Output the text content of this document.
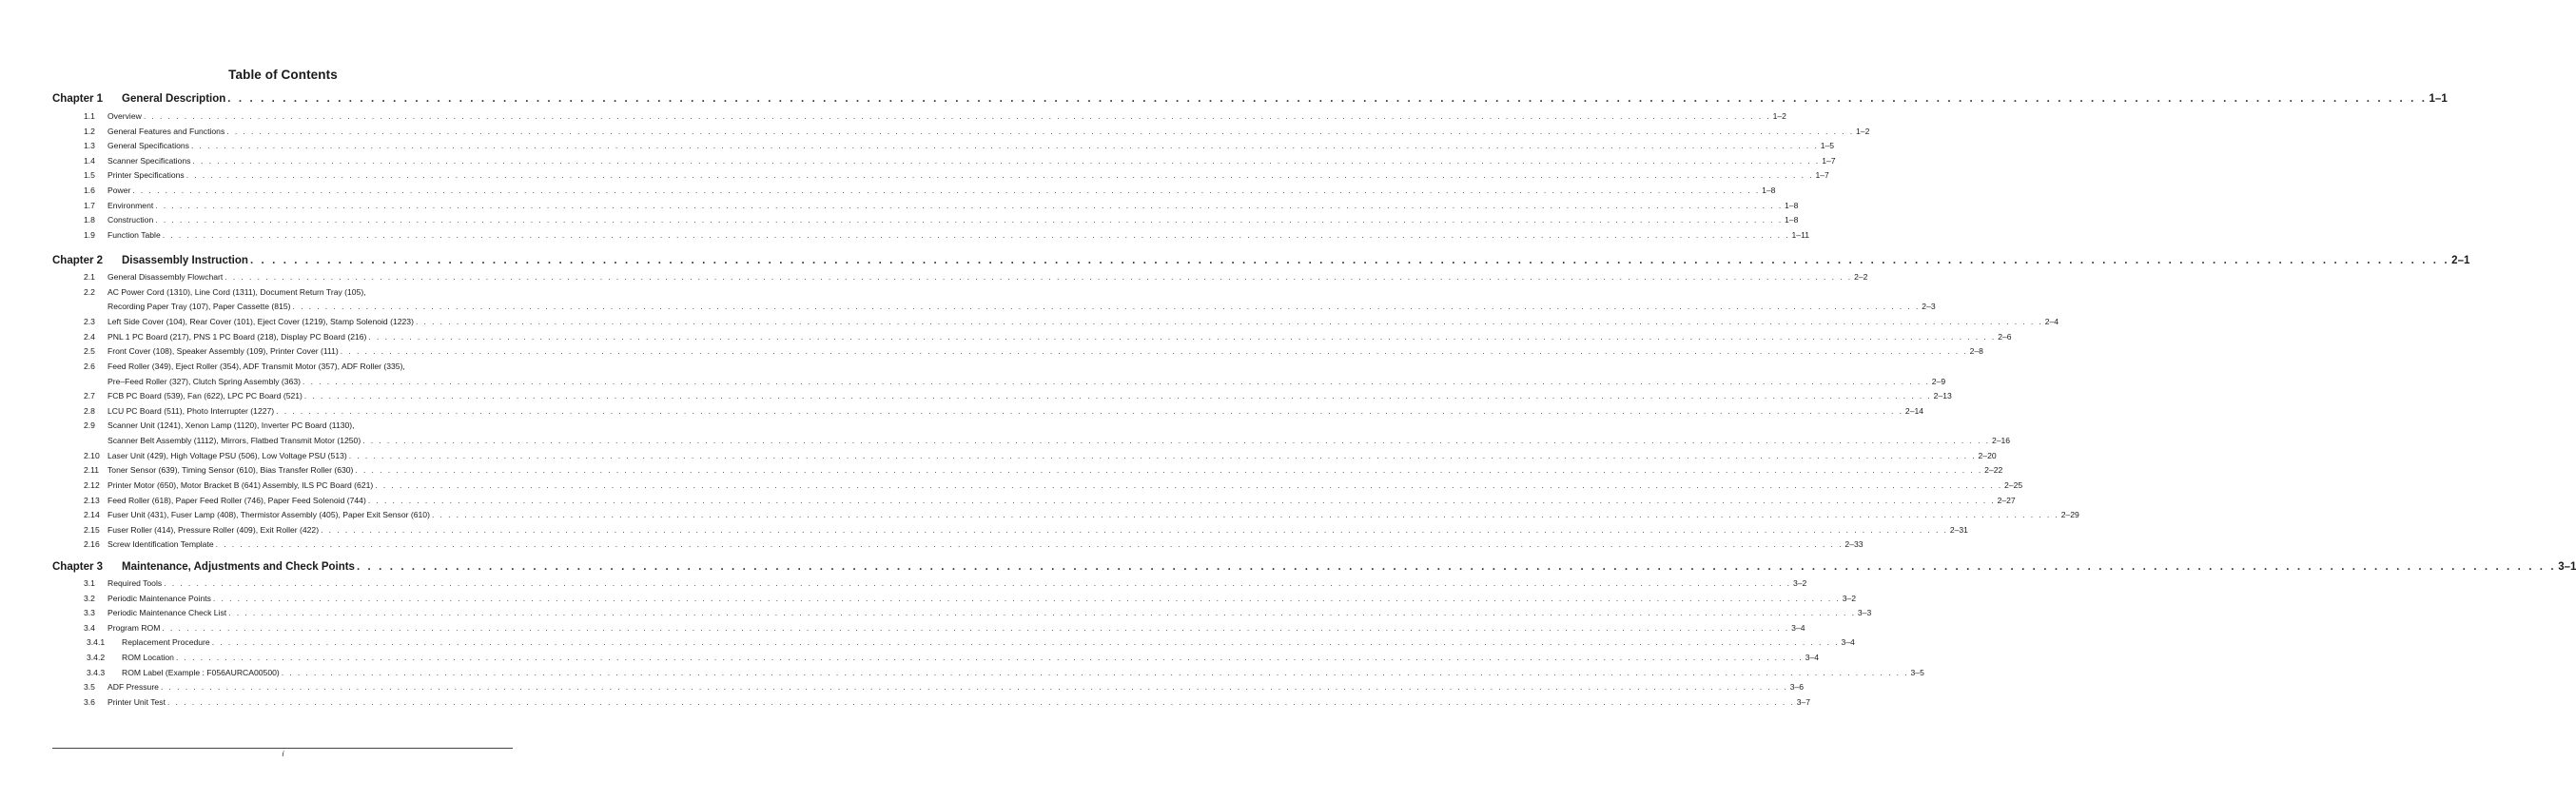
Table of Contents
Chapter 1 General Description . . . . . . . . . . . . . . . . . . . . . . . . . . . . . . . . . . . . . . . . . . . . . . . . . . . . . . . . . . . . . . . . . . . . . . . . . . . . . . . . . . . . . . . . . . . . . . . . . . . . . . . . . . . . . . . . . . . . . . . . . . . . . . . . . . . . . . . . . . . . . . . . . . . . . . . . . . . . . . . . . . . . . . . . . . . . . . . . . . . . . . . . . . . . . . . . . . . . . . . . 1–1
1.1 Overview . . . . . . . . . . . . . . . . . . . . . . . . . . . . . . . . . . . . . . . . . . . . . . . . . . . . . . . . . . . . . . . . . . . . . . . . . . . . . . . . . . . . . . . . . . . . . . . . . . . . . . . . . . . . . . . . . . . . . . . . . . . . . . . . . . . . . . . . . . . . . . . . . . . . . . . . . . . . . . . . . . . . . . . . . . . . . . . . . . . . . . . . . . . . . . . . . . . . . . . . 1–2
1.2 General Features and Functions . . . . . . . . . . . . . . . . . . . . . . . . . . . . . . . . . . . . . . . . . . . . . . . . . . . . . . . . . . . . . . . . . . . . . . . . . . . . . . . . . . . . . . . . . . . . . . . . . . . . . . . . . . . . . . . . . . . . . . . . . . . . . . . . . . . . . . . . . . . . . . . . . . . . . . . . . . . . . . . . . . . . . . . . . . . . . . . . . . . . . . . . . . . . . . . . . . . . . . . . 1–2
1.3 General Specifications . . . . . . . . . . . . . . . . . . . . . . . . . . . . . . . . . . . . . . . . . . . . . . . . . . . . . . . . . . . . . . . . . . . . . . . . . . . . . . . . . . . . . . . . . . . . . . . . . . . . . . . . . . . . . . . . . . . . . . . . . . . . . . . . . . . . . . . . . . . . . . . . . . . . . . . . . . . . . . . . . . . . . . . . . . . . . . . . . . . . . . . . . . . . . . . . . . . . . . . . 1–5
1.4 Scanner Specifications . . . . . . . . . . . . . . . . . . . . . . . . . . . . . . . . . . . . . . . . . . . . . . . . . . . . . . . . . . . . . . . . . . . . . . . . . . . . . . . . . . . . . . . . . . . . . . . . . . . . . . . . . . . . . . . . . . . . . . . . . . . . . . . . . . . . . . . . . . . . . . . . . . . . . . . . . . . . . . . . . . . . . . . . . . . . . . . . . . . . . . . . . . . . . . . . . . . . . . . . 1–7
1.5 Printer Specifications . . . . . . . . . . . . . . . . . . . . . . . . . . . . . . . . . . . . . . . . . . . . . . . . . . . . . . . . . . . . . . . . . . . . . . . . . . . . . . . . . . . . . . . . . . . . . . . . . . . . . . . . . . . . . . . . . . . . . . . . . . . . . . . . . . . . . . . . . . . . . . . . . . . . . . . . . . . . . . . . . . . . . . . . . . . . . . . . . . . . . . . . . . . . . . . . . . . . . . . . 1–7
1.6 Power . . . . . . . . . . . . . . . . . . . . . . . . . . . . . . . . . . . . . . . . . . . . . . . . . . . . . . . . . . . . . . . . . . . . . . . . . . . . . . . . . . . . . . . . . . . . . . . . . . . . . . . . . . . . . . . . . . . . . . . . . . . . . . . . . . . . . . . . . . . . . . . . . . . . . . . . . . . . . . . . . . . . . . . . . . . . . . . . . . . . . . . . . . . . . . . . . . . . . . . . 1–8
1.7 Environment . . . . . . . . . . . . . . . . . . . . . . . . . . . . . . . . . . . . . . . . . . . . . . . . . . . . . . . . . . . . . . . . . . . . . . . . . . . . . . . . . . . . . . . . . . . . . . . . . . . . . . . . . . . . . . . . . . . . . . . . . . . . . . . . . . . . . . . . . . . . . . . . . . . . . . . . . . . . . . . . . . . . . . . . . . . . . . . . . . . . . . . . . . . . . . . . . . . . . . . . 1–8
1.8 Construction . . . . . . . . . . . . . . . . . . . . . . . . . . . . . . . . . . . . . . . . . . . . . . . . . . . . . . . . . . . . . . . . . . . . . . . . . . . . . . . . . . . . . . . . . . . . . . . . . . . . . . . . . . . . . . . . . . . . . . . . . . . . . . . . . . . . . . . . . . . . . . . . . . . . . . . . . . . . . . . . . . . . . . . . . . . . . . . . . . . . . . . . . . . . . . . . . . . . . . . . 1–8
1.9 Function Table . . . . . . . . . . . . . . . . . . . . . . . . . . . . . . . . . . . . . . . . . . . . . . . . . . . . . . . . . . . . . . . . . . . . . . . . . . . . . . . . . . . . . . . . . . . . . . . . . . . . . . . . . . . . . . . . . . . . . . . . . . . . . . . . . . . . . . . . . . . . . . . . . . . . . . . . . . . . . . . . . . . . . . . . . . . . . . . . . . . . . . . . . . . . . . . . . . . . . . . . 1–11
Chapter 2 Disassembly Instruction . . . . . . . . . . . . . . . . . . . . . . . . . . . . . . . . . . . . . . . . . . . . . . . . . . . . . . . . . . . . . . . . . . . . . . . . . . . . . . . . . . . . . . . . . . . . . . . . . . . . . . . . . . . . . . . . . . . . . . . . . . . . . . . . . . . . . . . . . . . . . . . . . . . . . . . . . . . . . . . . . . . . . . . . . . . . . . . . . . . . . . . . . . . . . . . . . . . . . . . . 2–1
2.1 General Disassembly Flowchart . . . . . . . . . . . . . . . . . . . . . . . . . . . . . . . . . . . . . . . . . . . . . . . . . . . . . . . . . . . . . . . . . . . . . . . . . . . . . . . . . . . . . . . . . . . . . . . . . . . . . . . . . . . . . . . . . . . . . . . . . . . . . . . . . . . . . . . . . . . . . . . . . . . . . . . . . . . . . . . . . . . . . . . . . . . . . . . . . . . . . . . . . . . . . . . . . . . . . . . . 2–2
2.2 AC Power Cord (1310), Line Cord (1311), Document Return Tray (105),
Recording Paper Tray (107), Paper Cassette (815) . . . . . . . . . . . . . . . . . . . . . . . . . . . . . . . . . . . . . . . . . . . . . . . . . . . . . . . . . . . . . . . . . . . . . . . . . . . . . . . . . . . . . . . . . . . . . . . . . . . . . . . . . . . . . . . . . . . . . . . . . . . . . . . . . . . . . . . . . . . . . . . . . . . . . . . . . . . . . . . . . . . . . . . . . . . . . . . . . . . . . . . . . . . . . . . . . . . . . . . . 2–3
2.3 Left Side Cover (104), Rear Cover (101), Eject Cover (1219), Stamp Solenoid (1223) . . . . . . . . . . . . . . . . . . . . . . . . . . . . . . . . . . . . . . . . . . . . . . . . . . . . . . . . . . . . . . . . . . . . . . . . . . . . . . . . . . . . . . . . . . . . . . . . . . . . . . . . . . . . . . . . . . . . . . . . . . . . . . . . . . . . . . . . . . . . . . . . . . . . . . . . . . . . . . . . . . . . . . . . . . . . . . . . . . . . . . . . . . . . . . . . . . . . . . . . 2–4
2.4 PNL 1 PC Board (217), PNS 1 PC Board (218), Display PC Board (216) . . . . . . . . . . . . . . . . . . . . . . . . . . . . . . . . . . . . . . . . . . . . . . . . . . . . . . . . . . . . . . . . . . . . . . . . . . . . . . . . . . . . . . . . . . . . . . . . . . . . . . . . . . . . . . . . . . . . . . . . . . . . . . . . . . . . . . . . . . . . . . . . . . . . . . . . . . . . . . . . . . . . . . . . . . . . . . . . . . . . . . . . . . . . . . . . . . . . . . . . 2–6
2.5 Front Cover (108), Speaker Assembly (109), Printer Cover (111) . . . . . . . . . . . . . . . . . . . . . . . . . . . . . . . . . . . . . . . . . . . . . . . . . . . . . . . . . . . . . . . . . . . . . . . . . . . . . . . . . . . . . . . . . . . . . . . . . . . . . . . . . . . . . . . . . . . . . . . . . . . . . . . . . . . . . . . . . . . . . . . . . . . . . . . . . . . . . . . . . . . . . . . . . . . . . . . . . . . . . . . . . . . . . . . . . . . . . . . . 2–8
2.6 Feed Roller (349), Eject Roller (354), ADF Transmit Motor (357), ADF Roller (335),
Pre–Feed Roller (327), Clutch Spring Assembly (363) . . . . . . . . . . . . . . . . . . . . . . . . . . . . . . . . . . . . . . . . . . . . . . . . . . . . . . . . . . . . . . . . . . . . . . . . . . . . . . . . . . . . . . . . . . . . . . . . . . . . . . . . . . . . . . . . . . . . . . . . . . . . . . . . . . . . . . . . . . . . . . . . . . . . . . . . . . . . . . . . . . . . . . . . . . . . . . . . . . . . . . . . . . . . . . . . . . . . . . . . 2–9
2.7 FCB PC Board (539), Fan (622), LPC PC Board (521) . . . . . . . . . . . . . . . . . . . . . . . . . . . . . . . . . . . . . . . . . . . . . . . . . . . . . . . . . . . . . . . . . . . . . . . . . . . . . . . . . . . . . . . . . . . . . . . . . . . . . . . . . . . . . . . . . . . . . . . . . . . . . . . . . . . . . . . . . . . . . . . . . . . . . . . . . . . . . . . . . . . . . . . . . . . . . . . . . . . . . . . . . . . . . . . . . . . . . . . . 2–13
2.8 LCU PC Board (511), Photo Interrupter (1227) . . . . . . . . . . . . . . . . . . . . . . . . . . . . . . . . . . . . . . . . . . . . . . . . . . . . . . . . . . . . . . . . . . . . . . . . . . . . . . . . . . . . . . . . . . . . . . . . . . . . . . . . . . . . . . . . . . . . . . . . . . . . . . . . . . . . . . . . . . . . . . . . . . . . . . . . . . . . . . . . . . . . . . . . . . . . . . . . . . . . . . . . . . . . . . . . . . . . . . . . 2–14
2.9 Scanner Unit (1241), Xenon Lamp (1120), Inverter PC Board (1130),
Scanner Belt Assembly (1112), Mirrors, Flatbed Transmit Motor (1250) . . . . . . . . . . . . . . . . . . . . . . . . . . . . . . . . . . . . . . . . . . . . . . . . . . . . . . . . . . . . . . . . . . . . . . . . . . . . . . . . . . . . . . . . . . . . . . . . . . . . . . . . . . . . . . . . . . . . . . . . . . . . . . . . . . . . . . . . . . . . . . . . . . . . . . . . . . . . . . . . . . . . . . . . . . . . . . . . . . . . . . . . . . . . . . . . . . . . . . . . 2–16
2.10 Laser Unit (429), High Voltage PSU (506), Low Voltage PSU (513) . . . . . . . . . . . . . . . . . . . . . . . . . . . . . . . . . . . . . . . . . . . . . . . . . . . . . . . . . . . . . . . . . . . . . . . . . . . . . . . . . . . . . . . . . . . . . . . . . . . . . . . . . . . . . . . . . . . . . . . . . . . . . . . . . . . . . . . . . . . . . . . . . . . . . . . . . . . . . . . . . . . . . . . . . . . . . . . . . . . . . . . . . . . . . . . . . . . . . . . . 2–20
2.11 Toner Sensor (639), Timing Sensor (610), Bias Transfer Roller (630) . . . . . . . . . . . . . . . . . . . . . . . . . . . . . . . . . . . . . . . . . . . . . . . . . . . . . . . . . . . . . . . . . . . . . . . . . . . . . . . . . . . . . . . . . . . . . . . . . . . . . . . . . . . . . . . . . . . . . . . . . . . . . . . . . . . . . . . . . . . . . . . . . . . . . . . . . . . . . . . . . . . . . . . . . . . . . . . . . . . . . . . . . . . . . . . . . . . . . . . . 2–22
2.12 Printer Motor (650), Motor Bracket B (641) Assembly, ILS PC Board (621) . . . . . . . . . . . . . . . . . . . . . . . . . . . . . . . . . . . . . . . . . . . . . . . . . . . . . . . . . . . . . . . . . . . . . . . . . . . . . . . . . . . . . . . . . . . . . . . . . . . . . . . . . . . . . . . . . . . . . . . . . . . . . . . . . . . . . . . . . . . . . . . . . . . . . . . . . . . . . . . . . . . . . . . . . . . . . . . . . . . . . . . . . . . . . . . . . . . . . . . . 2–25
2.13 Feed Roller (618), Paper Feed Roller (746), Paper Feed Solenoid (744) . . . . . . . . . . . . . . . . . . . . . . . . . . . . . . . . . . . . . . . . . . . . . . . . . . . . . . . . . . . . . . . . . . . . . . . . . . . . . . . . . . . . . . . . . . . . . . . . . . . . . . . . . . . . . . . . . . . . . . . . . . . . . . . . . . . . . . . . . . . . . . . . . . . . . . . . . . . . . . . . . . . . . . . . . . . . . . . . . . . . . . . . . . . . . . . . . . . . . . . . 2–27
2.14 Fuser Unit (431), Fuser Lamp (408), Thermistor Assembly (405), Paper Exit Sensor (610) . . . . . . . . . . . . . . . . . . . . . . . . . . . . . . . . . . . . . . . . . . . . . . . . . . . . . . . . . . . . . . . . . . . . . . . . . . . . . . . . . . . . . . . . . . . . . . . . . . . . . . . . . . . . . . . . . . . . . . . . . . . . . . . . . . . . . . . . . . . . . . . . . . . . . . . . . . . . . . . . . . . . . . . . . . . . . . . . . . . . . . . . . . . . . . . . . . . . . . . . 2–29
2.15 Fuser Roller (414), Pressure Roller (409), Exit Roller (422) . . . . . . . . . . . . . . . . . . . . . . . . . . . . . . . . . . . . . . . . . . . . . . . . . . . . . . . . . . . . . . . . . . . . . . . . . . . . . . . . . . . . . . . . . . . . . . . . . . . . . . . . . . . . . . . . . . . . . . . . . . . . . . . . . . . . . . . . . . . . . . . . . . . . . . . . . . . . . . . . . . . . . . . . . . . . . . . . . . . . . . . . . . . . . . . . . . . . . . . . 2–31
2.16 Screw Identification Template . . . . . . . . . . . . . . . . . . . . . . . . . . . . . . . . . . . . . . . . . . . . . . . . . . . . . . . . . . . . . . . . . . . . . . . . . . . . . . . . . . . . . . . . . . . . . . . . . . . . . . . . . . . . . . . . . . . . . . . . . . . . . . . . . . . . . . . . . . . . . . . . . . . . . . . . . . . . . . . . . . . . . . . . . . . . . . . . . . . . . . . . . . . . . . . . . . . . . . . . 2–33
Chapter 3 Maintenance, Adjustments and Check Points . . . . . . . . . . . . . . . . . . . . . . . . . . . . . . . . . . . . . . . . . . . . . . . . . . . . . . . . . . . . . . . . . . . . . . . . . . . . . . . . . . . . . . . . . . . . . . . . . . . . . . . . . . . . . . . . . . . . . . . . . . . . . . . . . . . . . . . . . . . . . . . . . . . . . . . . . . . . . . . . . . . . . . . . . . . . . . . . . . . . . . . . . . . . . . . . . . . . . . . . 3–1
3.1 Required Tools . . . . . . . . . . . . . . . . . . . . . . . . . . . . . . . . . . . . . . . . . . . . . . . . . . . . . . . . . . . . . . . . . . . . . . . . . . . . . . . . . . . . . . . . . . . . . . . . . . . . . . . . . . . . . . . . . . . . . . . . . . . . . . . . . . . . . . . . . . . . . . . . . . . . . . . . . . . . . . . . . . . . . . . . . . . . . . . . . . . . . . . . . . . . . . . . . . . . . . . . 3–2
3.2 Periodic Maintenance Points . . . . . . . . . . . . . . . . . . . . . . . . . . . . . . . . . . . . . . . . . . . . . . . . . . . . . . . . . . . . . . . . . . . . . . . . . . . . . . . . . . . . . . . . . . . . . . . . . . . . . . . . . . . . . . . . . . . . . . . . . . . . . . . . . . . . . . . . . . . . . . . . . . . . . . . . . . . . . . . . . . . . . . . . . . . . . . . . . . . . . . . . . . . . . . . . . . . . . . . . 3–2
3.3 Periodic Maintenance Check List . . . . . . . . . . . . . . . . . . . . . . . . . . . . . . . . . . . . . . . . . . . . . . . . . . . . . . . . . . . . . . . . . . . . . . . . . . . . . . . . . . . . . . . . . . . . . . . . . . . . . . . . . . . . . . . . . . . . . . . . . . . . . . . . . . . . . . . . . . . . . . . . . . . . . . . . . . . . . . . . . . . . . . . . . . . . . . . . . . . . . . . . . . . . . . . . . . . . . . . . 3–3
3.4 Program ROM . . . . . . . . . . . . . . . . . . . . . . . . . . . . . . . . . . . . . . . . . . . . . . . . . . . . . . . . . . . . . . . . . . . . . . . . . . . . . . . . . . . . . . . . . . . . . . . . . . . . . . . . . . . . . . . . . . . . . . . . . . . . . . . . . . . . . . . . . . . . . . . . . . . . . . . . . . . . . . . . . . . . . . . . . . . . . . . . . . . . . . . . . . . . . . . . . . . . . . . . 3–4
3.4.1 Replacement Procedure . . . . . . . . . . . . . . . . . . . . . . . . . . . . . . . . . . . . . . . . . . . . . . . . . . . . . . . . . . . . . . . . . . . . . . . . . . . . . . . . . . . . . . . . . . . . . . . . . . . . . . . . . . . . . . . . . . . . . . . . . . . . . . . . . . . . . . . . . . . . . . . . . . . . . . . . . . . . . . . . . . . . . . . . . . . . . . . . . . . . . . . . . . . . . . . . . . . . . . . . 3–4
3.4.2 ROM Location . . . . . . . . . . . . . . . . . . . . . . . . . . . . . . . . . . . . . . . . . . . . . . . . . . . . . . . . . . . . . . . . . . . . . . . . . . . . . . . . . . . . . . . . . . . . . . . . . . . . . . . . . . . . . . . . . . . . . . . . . . . . . . . . . . . . . . . . . . . . . . . . . . . . . . . . . . . . . . . . . . . . . . . . . . . . . . . . . . . . . . . . . . . . . . . . . . . . . . . . 3–4
3.4.3 ROM Label (Example : F056AURCA00500) . . . . . . . . . . . . . . . . . . . . . . . . . . . . . . . . . . . . . . . . . . . . . . . . . . . . . . . . . . . . . . . . . . . . . . . . . . . . . . . . . . . . . . . . . . . . . . . . . . . . . . . . . . . . . . . . . . . . . . . . . . . . . . . . . . . . . . . . . . . . . . . . . . . . . . . . . . . . . . . . . . . . . . . . . . . . . . . . . . . . . . . . . . . . . . . . . . . . . . . . 3–5
3.5 ADF Pressure . . . . . . . . . . . . . . . . . . . . . . . . . . . . . . . . . . . . . . . . . . . . . . . . . . . . . . . . . . . . . . . . . . . . . . . . . . . . . . . . . . . . . . . . . . . . . . . . . . . . . . . . . . . . . . . . . . . . . . . . . . . . . . . . . . . . . . . . . . . . . . . . . . . . . . . . . . . . . . . . . . . . . . . . . . . . . . . . . . . . . . . . . . . . . . . . . . . . . . . . 3–6
3.6 Printer Unit Test . . . . . . . . . . . . . . . . . . . . . . . . . . . . . . . . . . . . . . . . . . . . . . . . . . . . . . . . . . . . . . . . . . . . . . . . . . . . . . . . . . . . . . . . . . . . . . . . . . . . . . . . . . . . . . . . . . . . . . . . . . . . . . . . . . . . . . . . . . . . . . . . . . . . . . . . . . . . . . . . . . . . . . . . . . . . . . . . . . . . . . . . . . . . . . . . . . . . . . . . 3–7
i
